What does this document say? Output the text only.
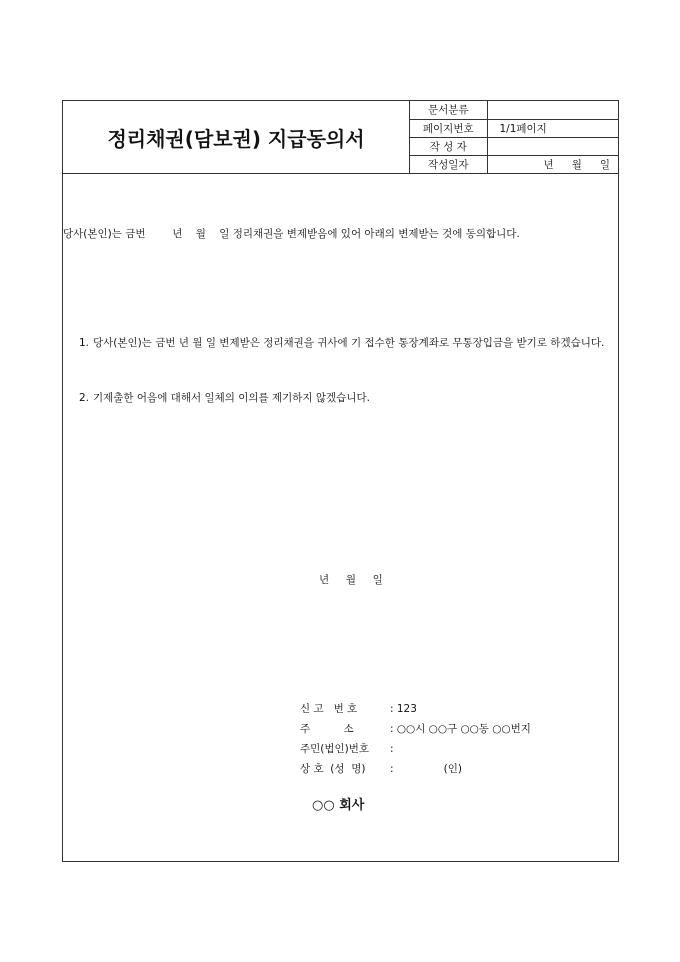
정리채권(담보권) 지급동의서
문서분류	
페이지번호	1/1페이지
작 성 자	
작성일자	년 월 일
당사(본인)는 금번        년    월    일 정리채권을 변제받음에 있어 아래의 변제받는 것에 동의합니다.
1. 당사(본인)는 금번 년 월 일 변제받은 정리채권을 귀사에 기 접수한 통장계좌로 무통장입금을 받기로 하겠습니다.
2. 기제출한 어음에 대해서 일체의 이의를 제기하지 않겠습니다.
년     월     일
신 고   번 호	: 123
주          소	: ○○시 ○○구 ○○동 ○○번지
주민(법인)번호	:
상 호  (성  명)	:               (인)
○○ 회사
